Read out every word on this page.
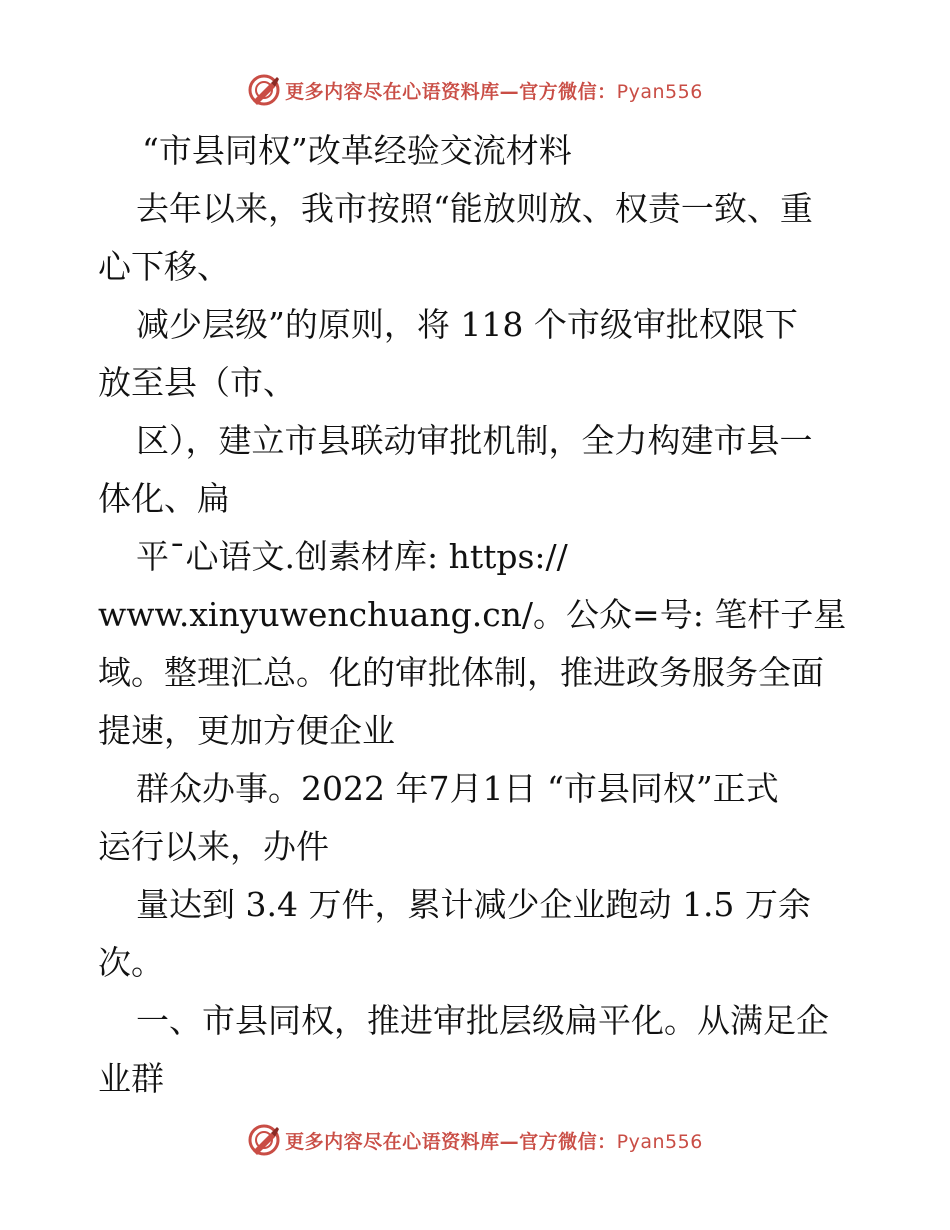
更多内容尽在心语资料库—官方微信：Pyan556
“市县同权”改革经验交流材料
去年以来，我市按照“能放则放、权责一致、重
心下移、
减少层级”的原则，将 118 个市级审批权限下
放至县（市、
区），建立市县联动审批机制，全力构建市县一
体化、扁
平¯心语文.创素材库: https://
www.xinyuwenchuang.cn/。公众=号: 笔杆子星
域。整理汇总。化的审批体制，推进政务服务全面
提速，更加方便企业
群众办事。2022 年7月1日 “市县同权”正式
运行以来，办件
量达到 3.4 万件，累计减少企业跑动 1.5 万余
次。
一、市县同权，推进审批层级扁平化。从满足企
业群
更多内容尽在心语资料库—官方微信：Pyan556
